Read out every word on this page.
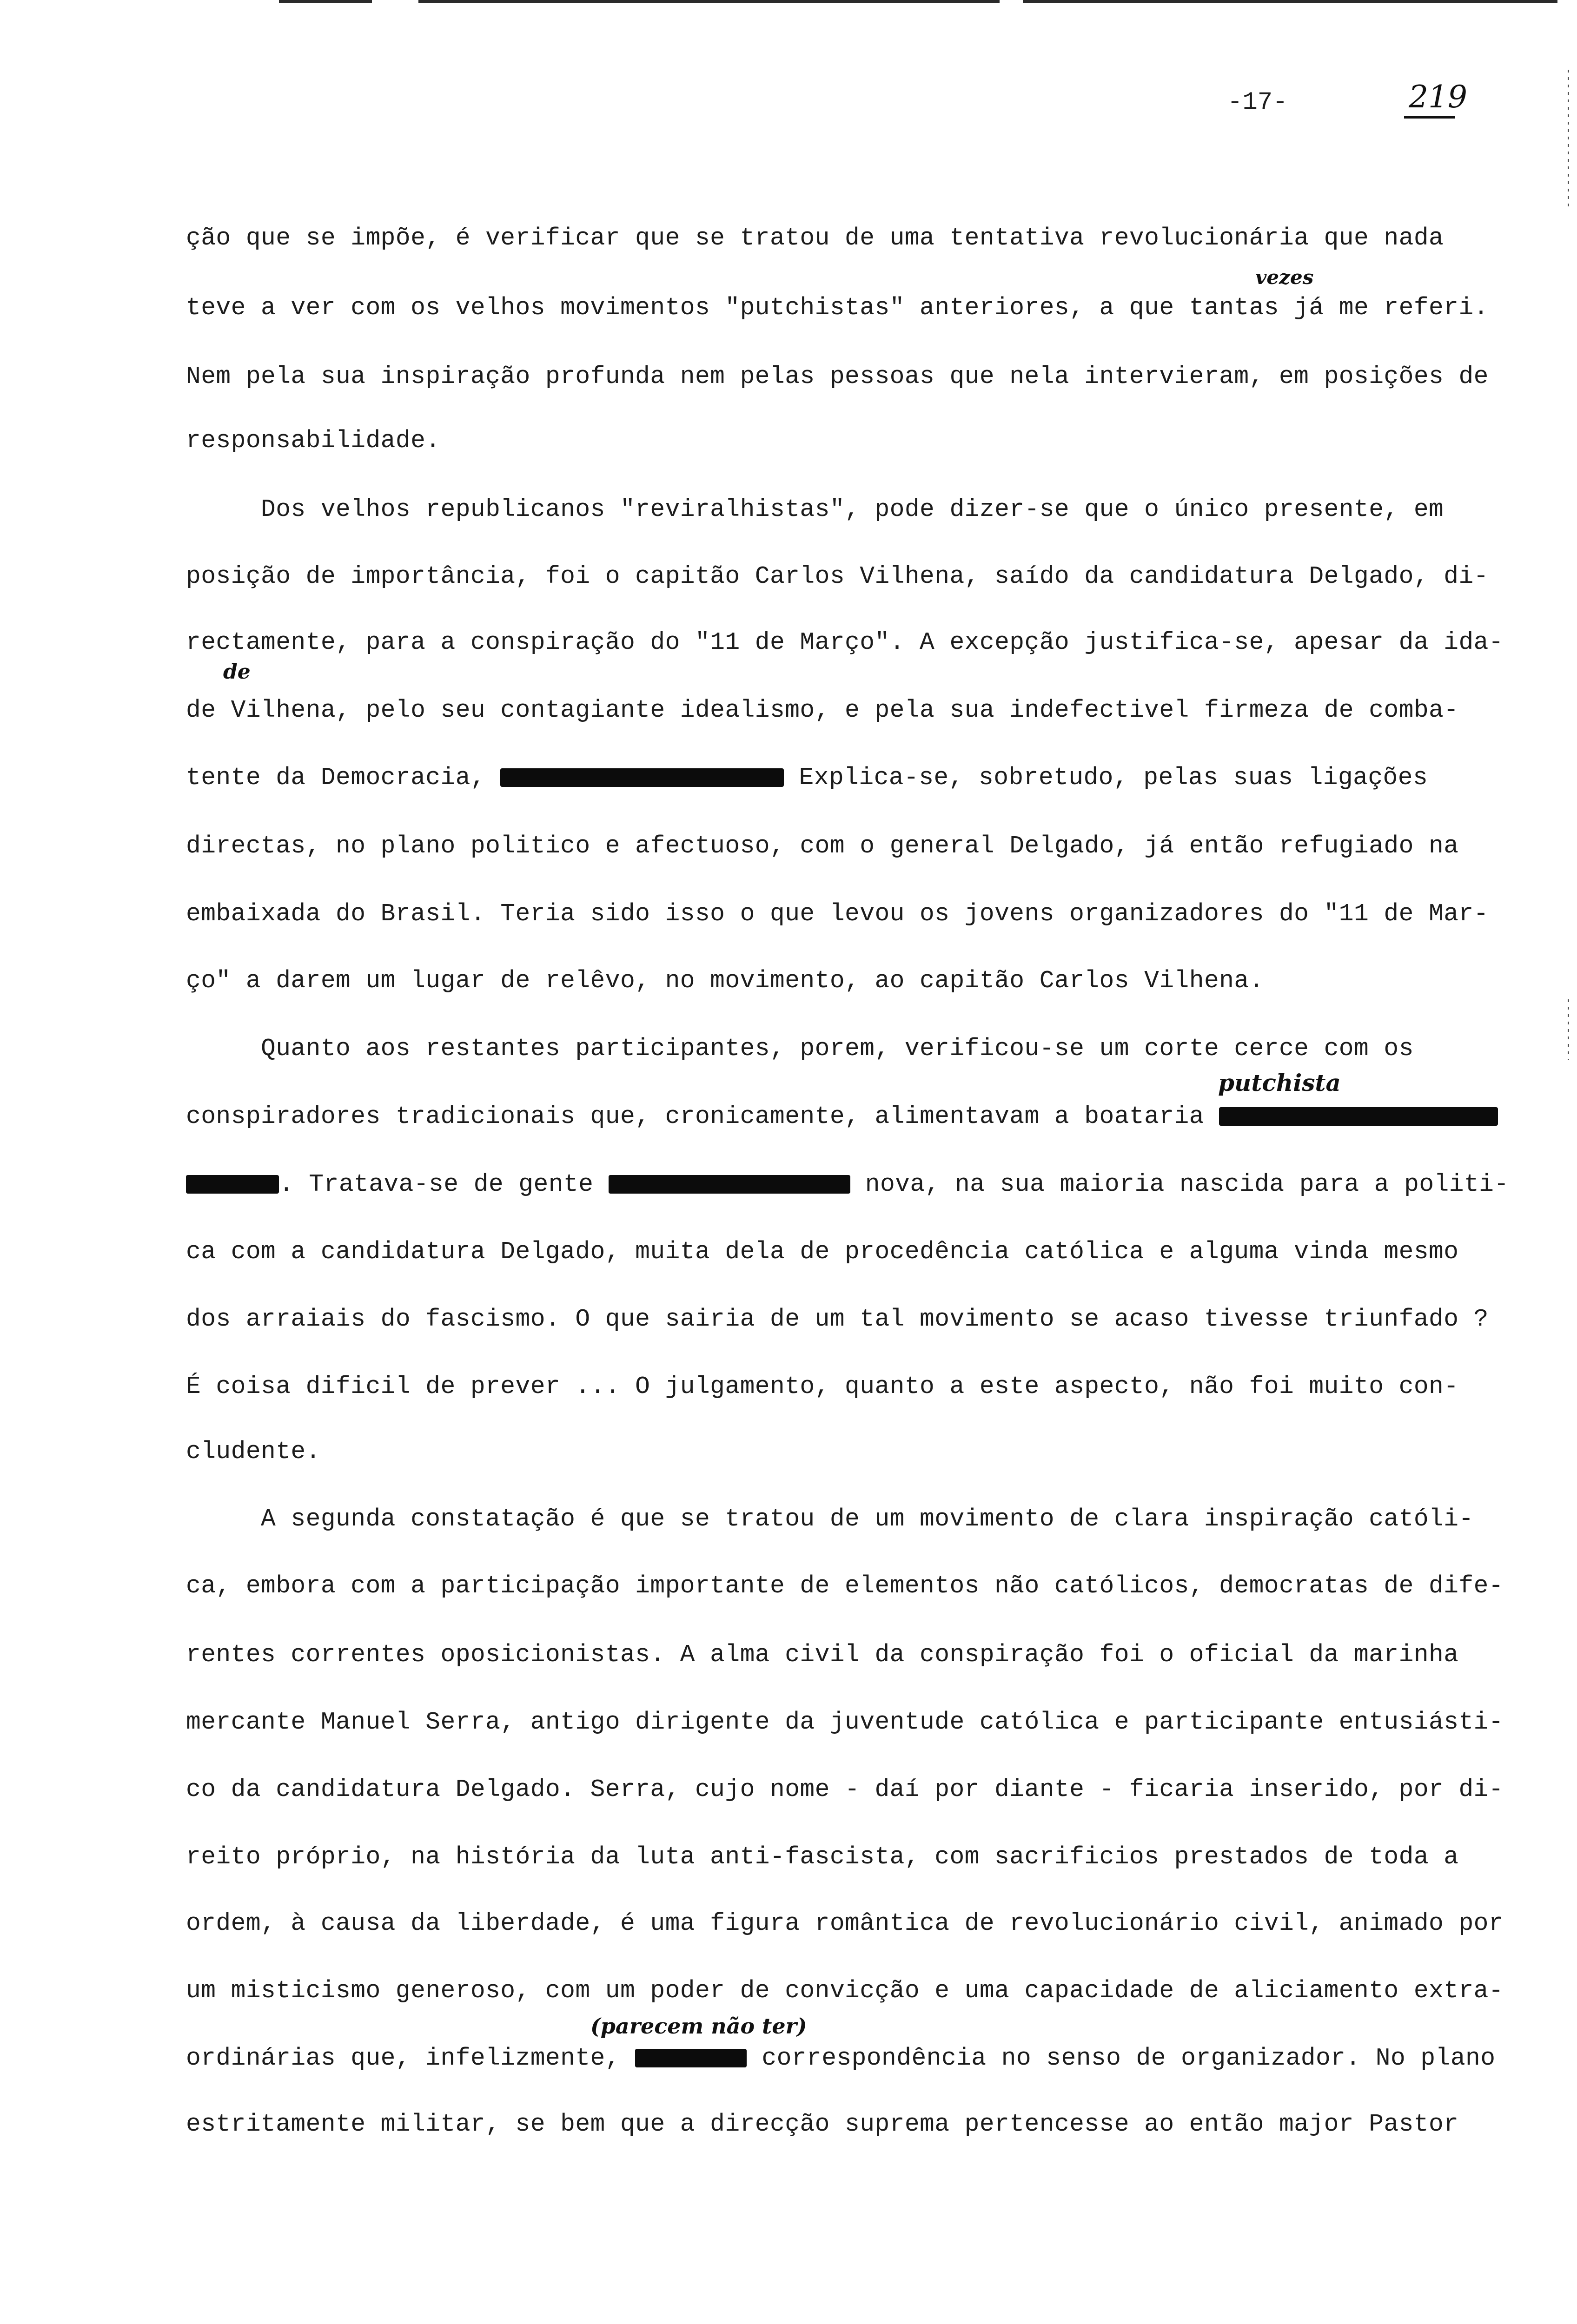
-17-	219
ção que se impõe, é verificar que se tratou de uma tentativa revolucionária que nada
teve a ver com os velhos movimentos "putchistas" anteriores, a que tantas já me referi.
Nem pela sua inspiração profunda nem pelas pessoas que nela intervieram, em posições de
responsabilidade.
Dos velhos republicanos "reviralhistas", pode dizer-se que o único presente, em
posição de importância, foi o capitão Carlos Vilhena, saído da candidatura Delgado, di-
rectamente, para a conspiração do "11 de Março". A excepção justifica-se, apesar da ida-
de Vilhena, pelo seu contagiante idealismo, e pela sua indefectivel firmeza de comba-
tente da Democracia,	Explica-se, sobretudo, pelas suas ligações
directas, no plano politico e afectuoso, com o general Delgado, já então refugiado na
embaixada do Brasil. Teria sido isso o que levou os jovens organizadores do "11 de Mar-
ço" a darem um lugar de relêvo, no movimento, ao capitão Carlos Vilhena.
Quanto aos restantes participantes, porem, verificou-se um corte cerce com os
conspiradores tradicionais que, cronicamente, alimentavam a boataria
. Tratava-se de gente	nova, na sua maioria nascida para a politi-
ca com a candidatura Delgado, muita dela de procedência católica e alguma vinda mesmo
dos arraiais do fascismo. O que sairia de um tal movimento se acaso tivesse triunfado ?
É coisa dificil de prever ... O julgamento, quanto a este aspecto, não foi muito con-
cludente.
A segunda constatação é que se tratou de um movimento de clara inspiração católi-
ca, embora com a participação importante de elementos não católicos, democratas de dife-
rentes correntes oposicionistas. A alma civil da conspiração foi o oficial da marinha
mercante Manuel Serra, antigo dirigente da juventude católica e participante entusiásti-
co da candidatura Delgado. Serra, cujo nome - daí por diante - ficaria inserido, por di-
reito próprio, na história da luta anti-fascista, com sacrificios prestados de toda a
ordem, à causa da liberdade, é uma figura romântica de revolucionário civil, animado por
um misticismo generoso, com um poder de convicção e uma capacidade de aliciamento extra-
ordinárias que, infelizmente,	correspondência no senso de organizador. No plano
estritamente militar, se bem que a direcção suprema pertencesse ao então major Pastor
vezes
de
putchista
(parecem não ter)
